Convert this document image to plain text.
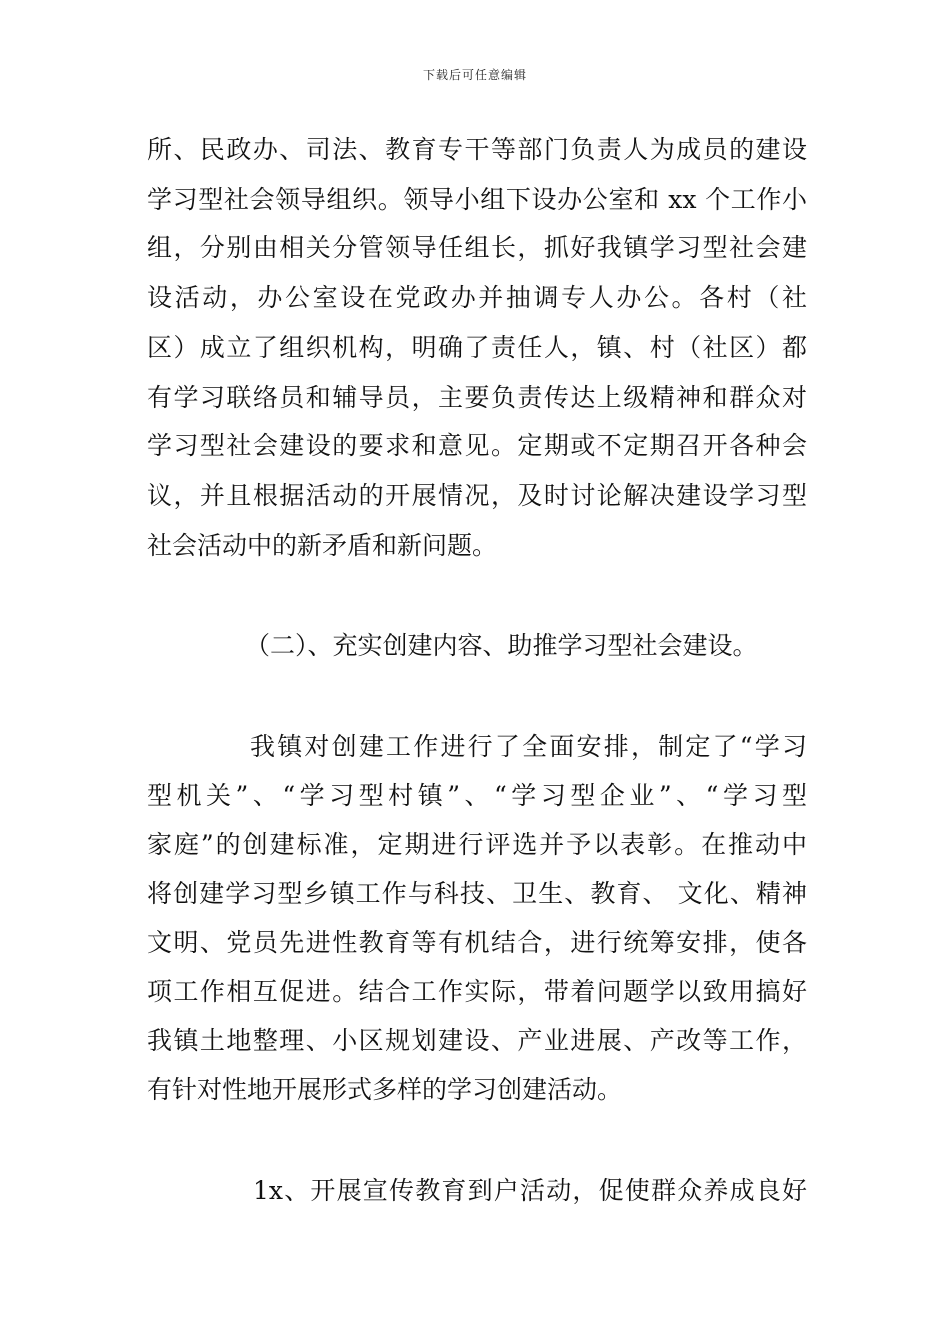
下载后可任意编辑
所、民政办、司法、教育专干等部门负责人为成员的建设
学习型社会领导组织。领导小组下设办公室和 xx 个工作小
组，分别由相关分管领导任组长，抓好我镇学习型社会建
设活动，办公室设在党政办并抽调专人办公。各村（社
区）成立了组织机构，明确了责任人，镇、村（社区）都
有学习联络员和辅导员，主要负责传达上级精神和群众对
学习型社会建设的要求和意见。定期或不定期召开各种会
议，并且根据活动的开展情况，及时讨论解决建设学习型
社会活动中的新矛盾和新问题。
（二）、充实创建内容、助推学习型社会建设。
我镇对创建工作进行了全面安排，制定了“学习
型机关”、“学习型村镇”、“学习型企业”、“学习型
家庭”的创建标准，定期进行评选并予以表彰。在推动中
将创建学习型乡镇工作与科技、卫生、教育、 文化、精神
文明、党员先进性教育等有机结合，进行统筹安排，使各
项工作相互促进。结合工作实际，带着问题学以致用搞好
我镇土地整理、小区规划建设、产业进展、产改等工作，
有针对性地开展形式多样的学习创建活动。
1x、开展宣传教育到户活动，促使群众养成良好
